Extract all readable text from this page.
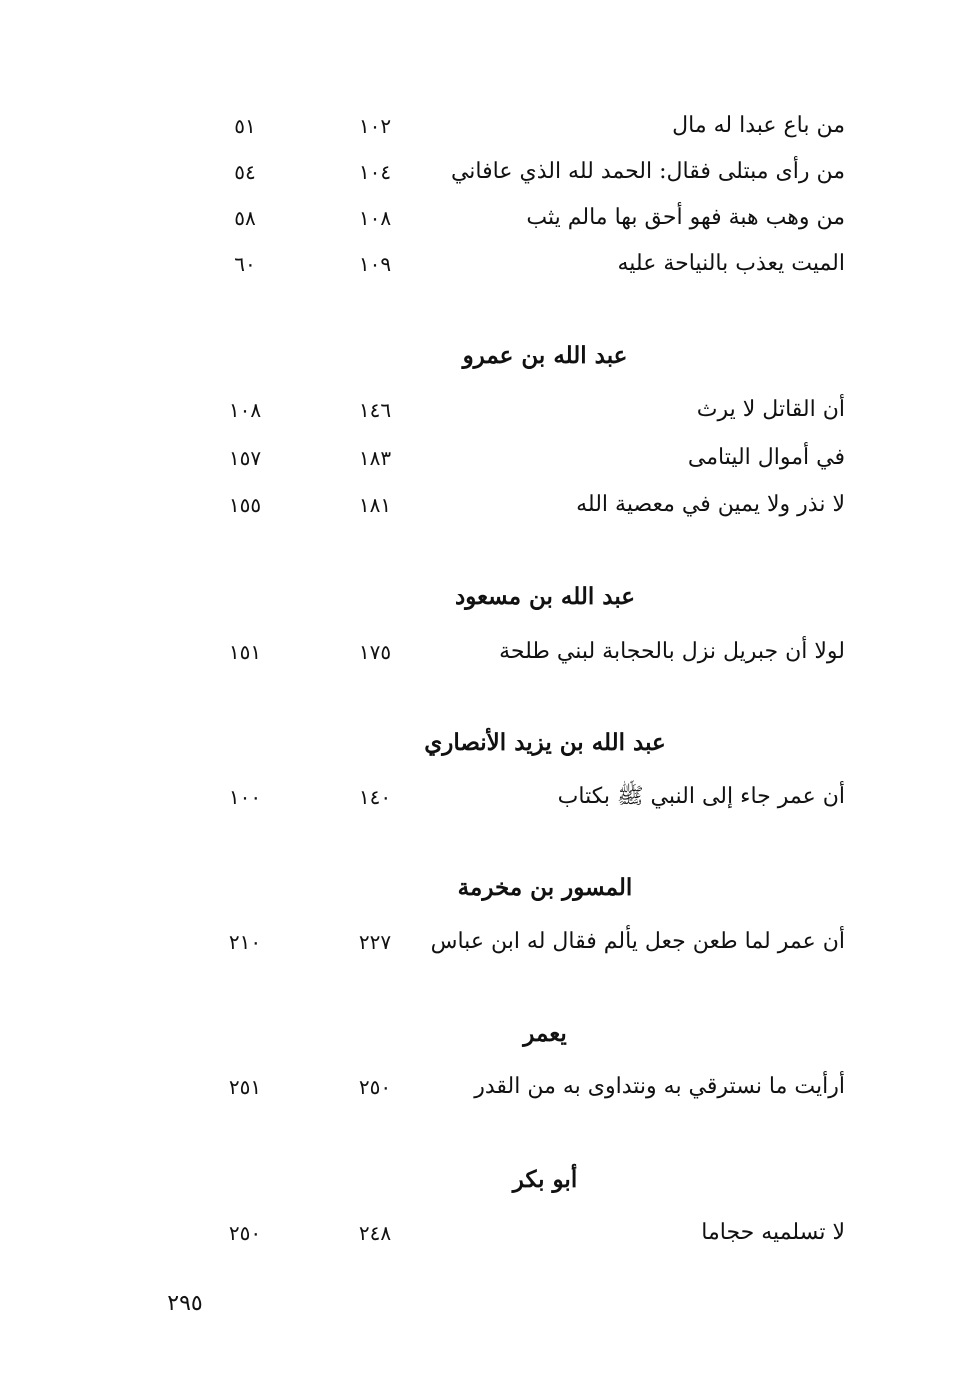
من باع عبدا له مال
١٠٢
٥١
من رأى مبتلى فقال: الحمد لله الذي عافاني
١٠٤
٥٤
من وهب هبة فهو أحق بها مالم يثب
١٠٨
٥٨
الميت يعذب بالنياحة عليه
١٠٩
٦٠
عبد الله بن عمرو
أن القاتل لا يرث
١٤٦
١٠٨
في أموال اليتامى
١٨٣
١٥٧
لا نذر ولا يمين في معصية الله
١٨١
١٥٥
عبد الله بن مسعود
لولا أن جبريل نزل بالحجابة لبني طلحة
١٧٥
١٥١
عبد الله بن يزيد الأنصاري
أن عمر جاء إلى النبي ﷺ بكتاب
١٤٠
١٠٠
المسور بن مخرمة
أن عمر لما طعن جعل يألم فقال له ابن عباس
٢٢٧
٢١٠
يعمر
أرأيت ما نسترقي به ونتداوى به من القدر
٢٥٠
٢٥١
أبو بكر
لا تسلميه حجاما
٢٤٨
٢٥٠
٢٩٥
